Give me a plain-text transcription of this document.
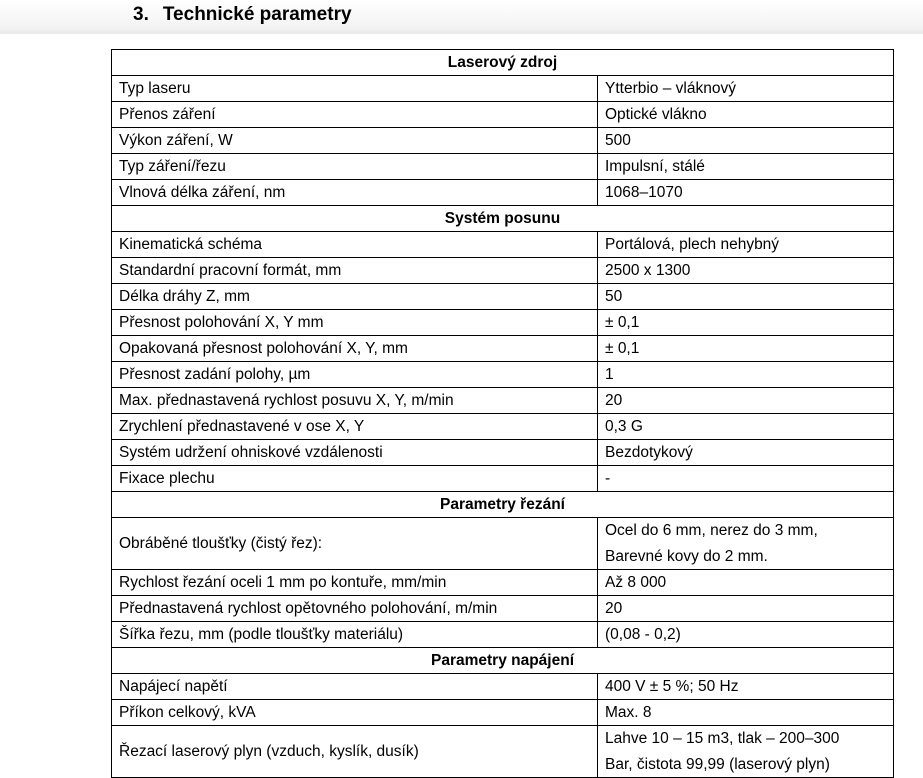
3. Technické parametry
Laserový zdroj	
Typ laseru	Ytterbio – vláknový

Přenos záření	Optické vlákno

Výkon záření, W	500

Typ záření/řezu	Impulsní, stálé

Vlnová délka záření, nm	1068–1070

Systém posunu	
Kinematická schéma	Portálová, plech nehybný

Standardní pracovní formát, mm	2500 x 1300

Délka dráhy Z, mm	50

Přesnost polohování X, Y mm	± 0,1

Opakovaná přesnost polohování X, Y, mm	± 0,1

Přesnost zadání polohy, µm	1

Max. přednastavená rychlost posuvu X, Y, m/min	20

Zrychlení přednastavené v ose X, Y	0,3 G

Systém udržení ohniskové vzdálenosti	Bezdotykový

Fixace plechu	-

Parametry řezání	
Obráběné tloušťky (čistý řez):	Ocel do 6 mm, nerez do 3 mm,
Barevné kovy do 2 mm.

Rychlost řezání oceli 1 mm po kontuře, mm/min	Až 8 000

Přednastavená rychlost opětovného polohování, m/min	20

Šířka řezu, mm (podle tloušťky materiálu)	(0,08 - 0,2)

Parametry napájení	
Napájecí napětí	400 V ± 5 %; 50 Hz

Příkon celkový, kVA	Max. 8

Řezací laserový plyn (vzduch, kyslík, dusík)	Lahve 10 – 15 m3, tlak – 200–300
Bar, čistota 99,99 (laserový plyn)
